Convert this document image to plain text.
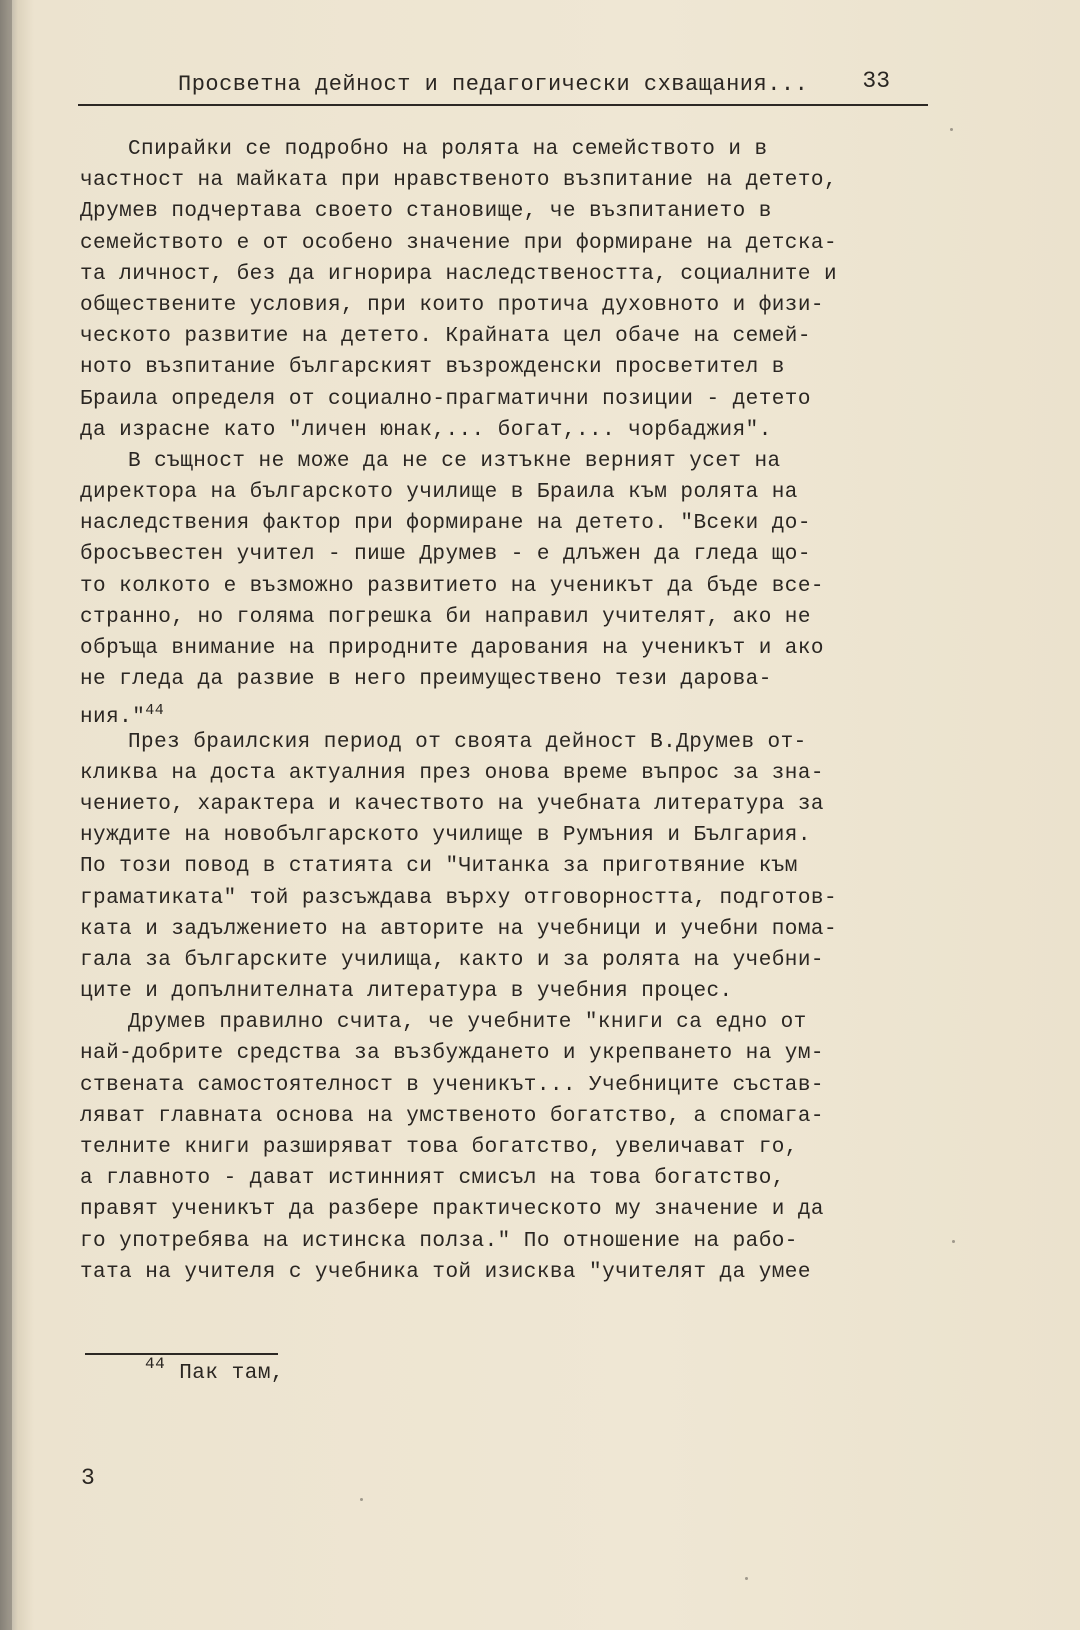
Просветна дейност и педагогически схващания... 33
Спирайки се подробно на ролята на семейството и в
частност на майката при нравственото възпитание на детето,
Друмев подчертава своето становище, че възпитанието в
семейството е от особено значение при формиране на детска-
та личност, без да игнорира наследствеността, социалните и
обществените условия, при които протича духовното и физи-
ческото развитие на детето. Крайната цел обаче на семей-
ното възпитание българският възрожденски просветител в
Браила определя от социално-прагматични позиции - детето
да израсне като "личен юнак,... богат,... чорбаджия".
В същност не може да не се изтъкне верният усет на
директора на българското училище в Браила към ролята на
наследствения фактор при формиране на детето. "Всеки до-
бросъвестен учител - пише Друмев - е длъжен да гледа що-
то колкото е възможно развитието на ученикът да бъде все-
странно, но голяма погрешка би направил учителят, ако не
обръща внимание на природните дарования на ученикът и ако
не гледа да развие в него преимуществено тези дарова-
ния."$^{44}$
През браилския период от своята дейност В.Друмев от-
кликва на доста актуалния през онова време въпрос за зна-
чението, характера и качеството на учебната литература за
нуждите на новобългарското училище в Румъния и България.
По този повод в статията си "Читанка за приготвяние към
граматиката" той разсъждава върху отговорността, подготов-
ката и задължението на авторите на учебници и учебни помa-
гала за българските училища, както и за ролята на учебни-
ците и допълнителната литература в учебния процес.
Друмев правилно счита, че учебните "книги са едно от
най-добрите средства за възбуждането и укрепването на ум-
ствената самостоятелност в ученикът... Учебниците състав-
ляват главната основа на умственото богатство, а спомага-
телните книги разширяват това богатство, увеличават го,
а главното - дават истинният смисъл на това богатство,
правят ученикът да разбере практическото му значение и да
го употребява на истинска полза." По отношение на рабо-
тата на учителя с учебника той изисква "учителят да умее
$^{44}$ Пак там,
3
